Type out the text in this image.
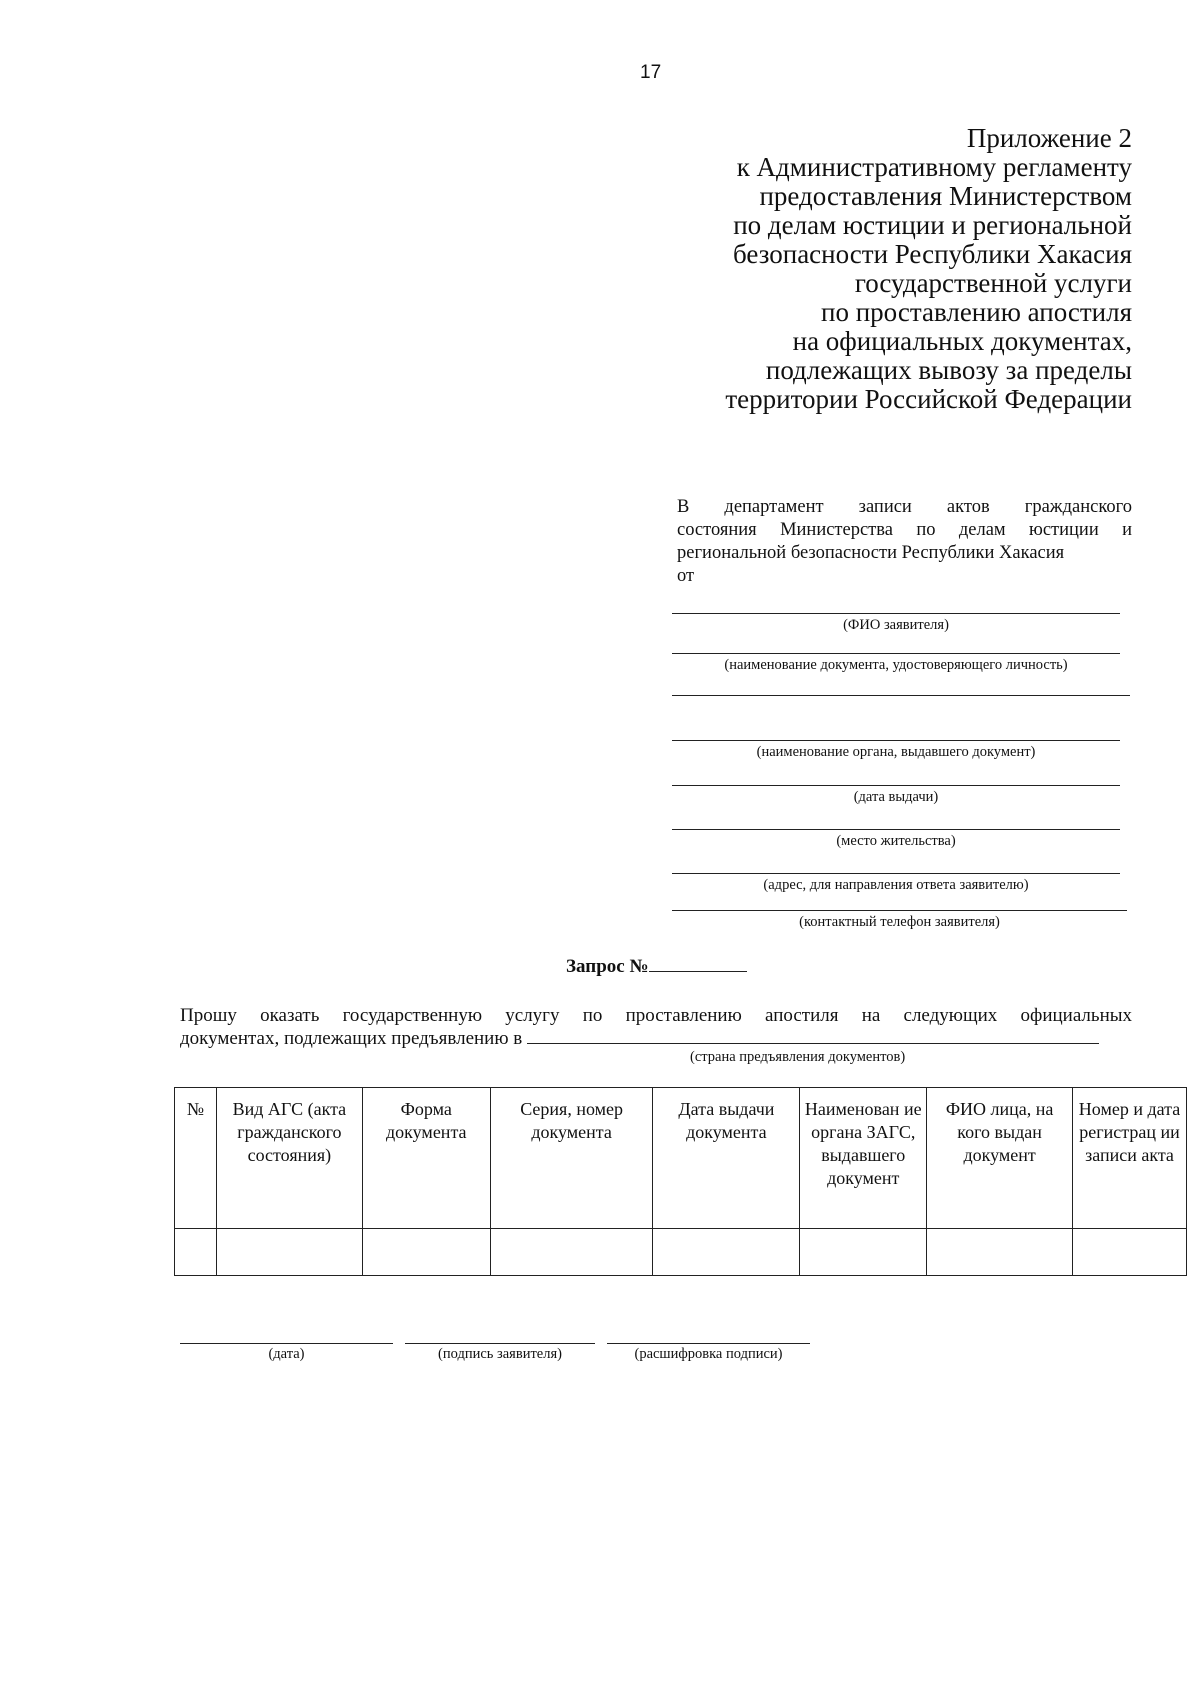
17
Приложение 2
к Административному регламенту
предоставления Министерством
по делам юстиции и региональной
безопасности Республики Хакасия
государственной услуги
по проставлению апостиля
на официальных документах,
подлежащих вывозу за пределы
территории Российской Федерации
В департамент записи актов гражданского
состояния Министерства по делам юстиции и
региональной безопасности Республики Хакасия
от
(ФИО заявителя)
(наименование документа, удостоверяющего личность)
(наименование органа, выдавшего документ)
(дата выдачи)
(место жительства)
(адрес, для направления ответа заявителю)
(контактный телефон заявителя)
Запрос №
Прошу оказать государственную услугу по проставлению апостиля на следующих официальных
документах, подлежащих предъявлению в
(страна предъявления документов)
№	Вид АГС (акта гражданского состояния)	Форма документа	Серия, номер документа	Дата выдачи документа	Наименован ие органа ЗАГС, выдавшего документ	ФИО лица, на кого выдан документ	Номер и дата регистрац ии записи акта

(дата)	(подпись заявителя)	(расшифровка подписи)
